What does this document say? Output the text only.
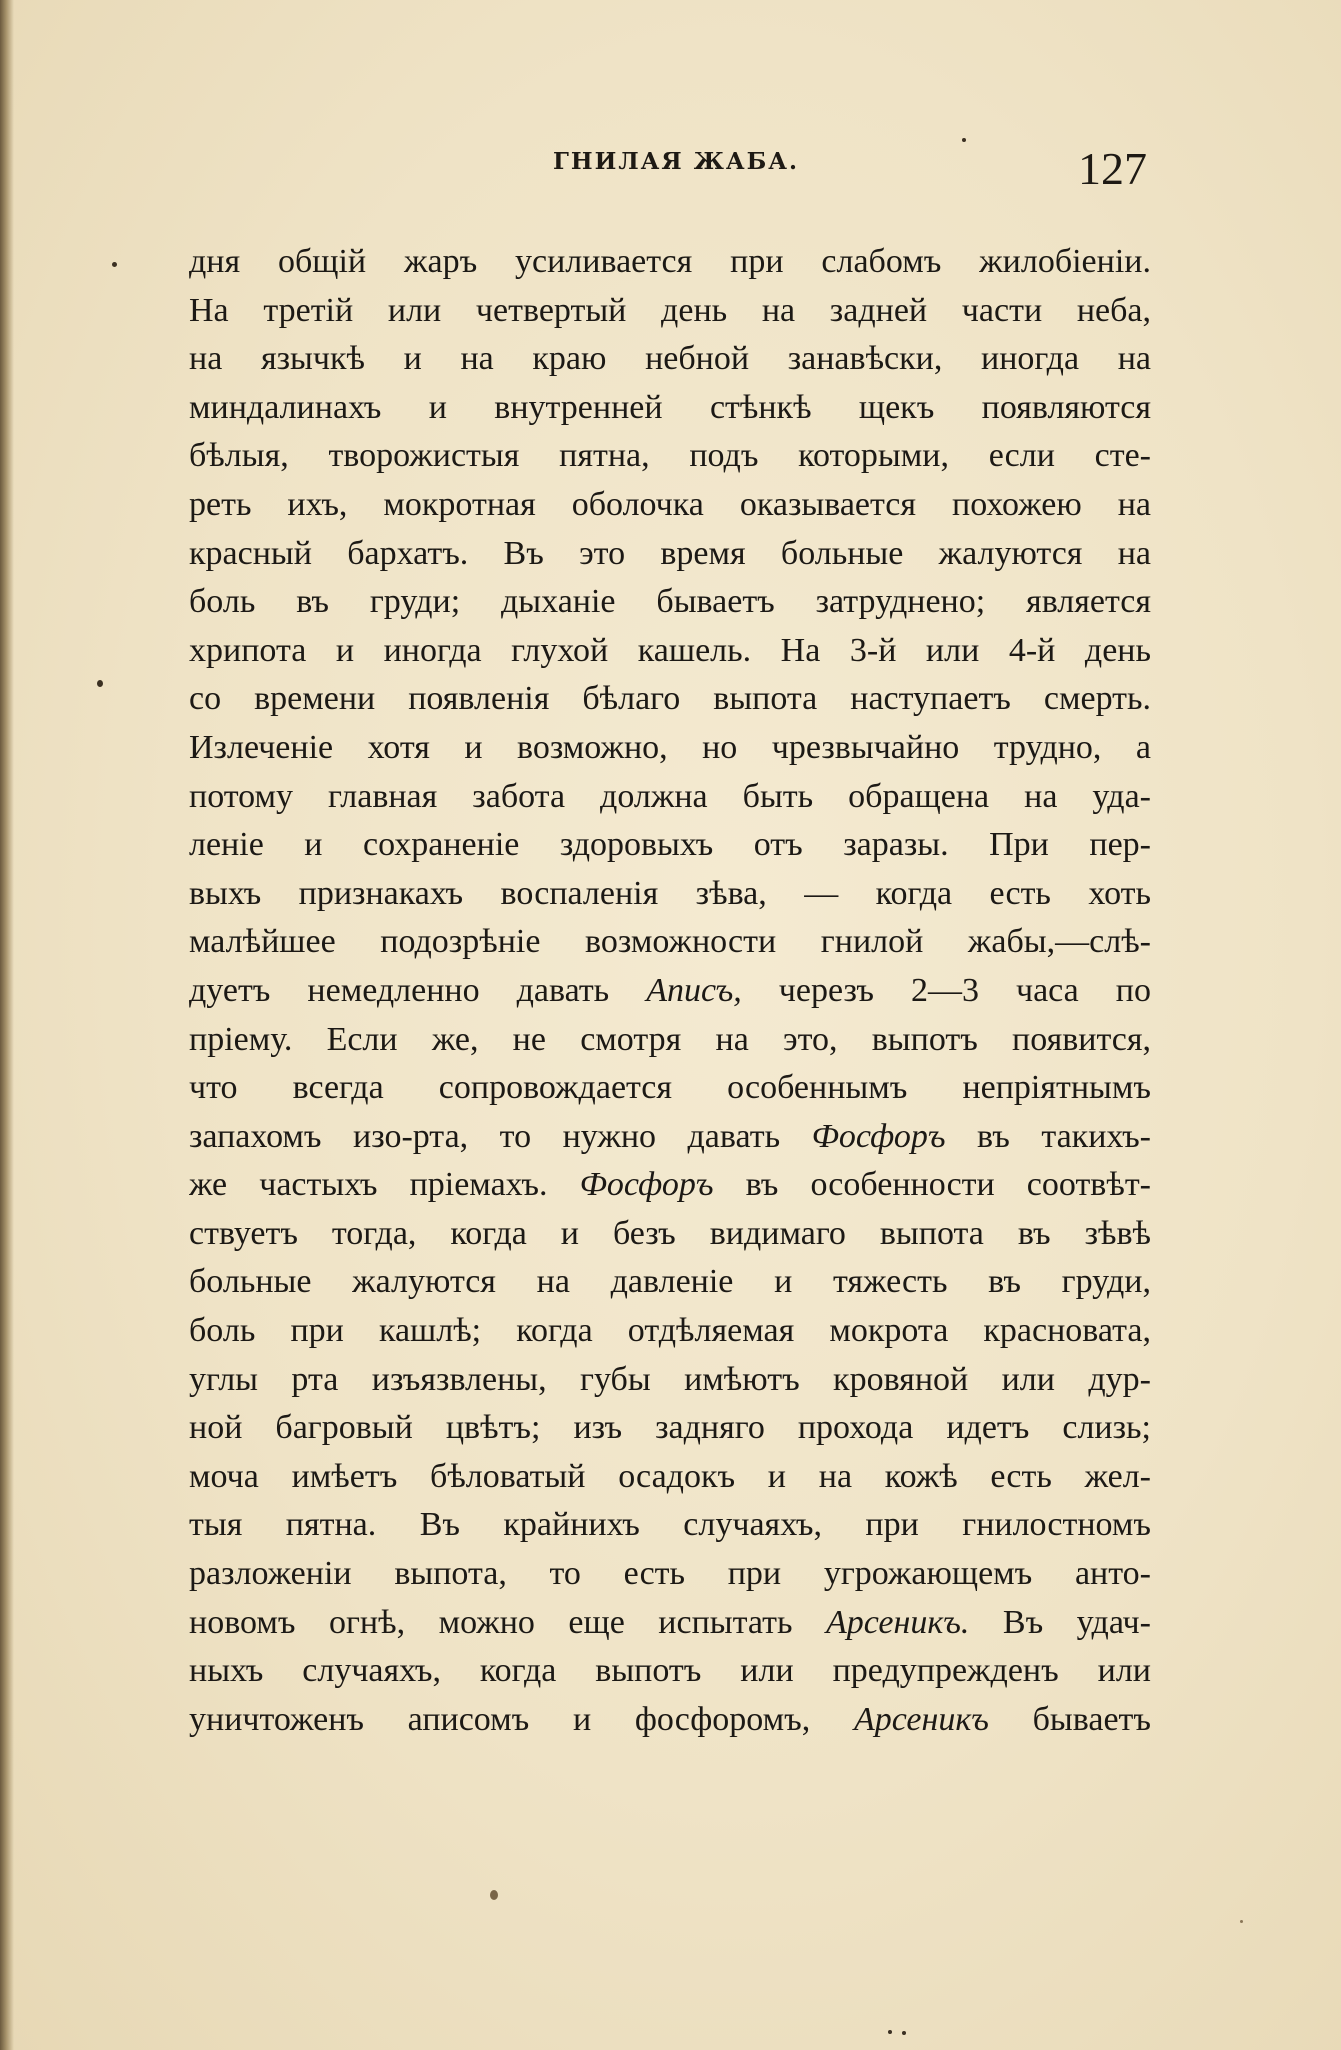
ГНИЛАЯ ЖАБА.	127
дня общій жаръ усиливается при слабомъ жилобіеніи.
На третій или четвертый день на задней части неба,
на язычкѣ и на краю небной занавѣски, иногда на
миндалинахъ и внутренней стѣнкѣ щекъ появляются
бѣлыя, творожистыя пятна, подъ которыми, если сте-
реть ихъ, мокротная оболочка оказывается похожею на
красный бархатъ. Въ это время больные жалуются на
боль въ груди; дыханіе бываетъ затруднено; является
хрипота и иногда глухой кашель. На 3-й или 4-й день
со времени появленія бѣлаго выпота наступаетъ смерть.
Излеченіе хотя и возможно, но чрезвычайно трудно, а
потому главная забота должна быть обращена на уда-
леніе и сохраненіе здоровыхъ отъ заразы. При пер-
выхъ признакахъ воспаленія зѣва, — когда есть хоть
малѣйшее подозрѣніе возможности гнилой жабы,—слѣ-
дуетъ немедленно давать Аписъ, черезъ 2—3 часа по
пріему. Если же, не смотря на это, выпотъ появится,
что всегда сопровождается особеннымъ непріятнымъ
запахомъ изо-рта, то нужно давать Фосфоръ въ такихъ-
же частыхъ пріемахъ. Фосфоръ въ особенности соотвѣт-
ствуетъ тогда, когда и безъ видимаго выпота въ зѣвѣ
больные жалуются на давленіе и тяжесть въ груди,
боль при кашлѣ; когда отдѣляемая мокрота красновата,
углы рта изъязвлены, губы имѣютъ кровяной или дур-
ной багровый цвѣтъ; изъ задняго прохода идетъ слизь;
моча имѣетъ бѣловатый осадокъ и на кожѣ есть жел-
тыя пятна. Въ крайнихъ случаяхъ, при гнилостномъ
разложеніи выпота, то есть при угрожающемъ анто-
новомъ огнѣ, можно еще испытать Арсеникъ. Въ удач-
ныхъ случаяхъ, когда выпотъ или предупрежденъ или
уничтоженъ аписомъ и фосфоромъ, Арсеникъ бываетъ
